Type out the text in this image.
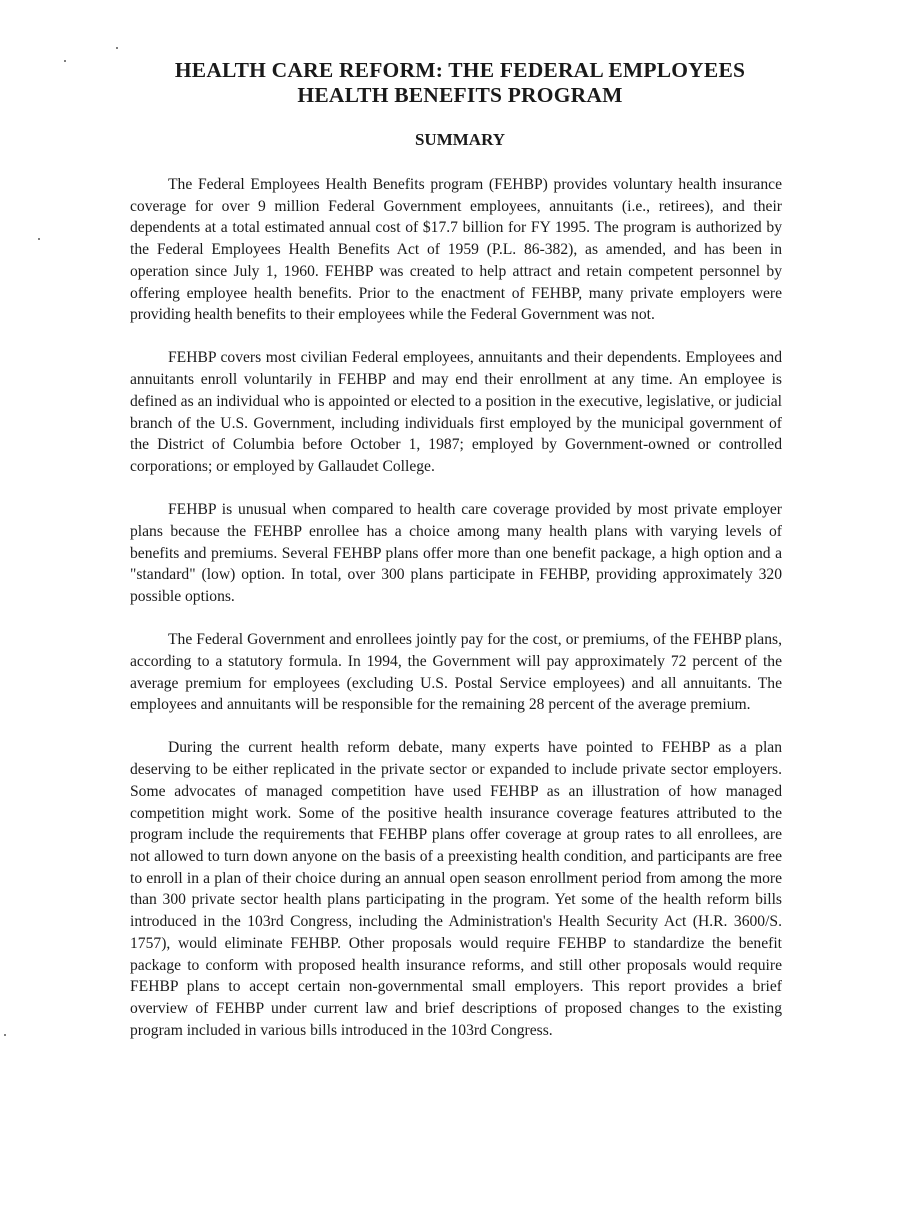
HEALTH CARE REFORM: THE FEDERAL EMPLOYEES
HEALTH BENEFITS PROGRAM
SUMMARY

The Federal Employees Health Benefits program (FEHBP) provides voluntary health insurance coverage for over 9 million Federal Government employees, annuitants (i.e., retirees), and their dependents at a total estimated annual cost of $17.7 billion for FY 1995. The program is authorized by the Federal Employees Health Benefits Act of 1959 (P.L. 86-382), as amended, and has been in operation since July 1, 1960. FEHBP was created to help attract and retain competent personnel by offering employee health benefits. Prior to the enactment of FEHBP, many private employers were providing health benefits to their employees while the Federal Government was not.

FEHBP covers most civilian Federal employees, annuitants and their dependents. Employees and annuitants enroll voluntarily in FEHBP and may end their enrollment at any time. An employee is defined as an individual who is appointed or elected to a position in the executive, legislative, or judicial branch of the U.S. Government, including individuals first employed by the municipal government of the District of Columbia before October 1, 1987; employed by Government-owned or controlled corporations; or employed by Gallaudet College.

FEHBP is unusual when compared to health care coverage provided by most private employer plans because the FEHBP enrollee has a choice among many health plans with varying levels of benefits and premiums. Several FEHBP plans offer more than one benefit package, a high option and a "standard" (low) option. In total, over 300 plans participate in FEHBP, providing approximately 320 possible options.

The Federal Government and enrollees jointly pay for the cost, or premiums, of the FEHBP plans, according to a statutory formula. In 1994, the Government will pay approximately 72 percent of the average premium for employees (excluding U.S. Postal Service employees) and all annuitants. The employees and annuitants will be responsible for the remaining 28 percent of the average premium.

During the current health reform debate, many experts have pointed to FEHBP as a plan deserving to be either replicated in the private sector or expanded to include private sector employers. Some advocates of managed competition have used FEHBP as an illustration of how managed competition might work. Some of the positive health insurance coverage features attributed to the program include the requirements that FEHBP plans offer coverage at group rates to all enrollees, are not allowed to turn down anyone on the basis of a preexisting health condition, and participants are free to enroll in a plan of their choice during an annual open season enrollment period from among the more than 300 private sector health plans participating in the program. Yet some of the health reform bills introduced in the 103rd Congress, including the Administration's Health Security Act (H.R. 3600/S. 1757), would eliminate FEHBP. Other proposals would require FEHBP to standardize the benefit package to conform with proposed health insurance reforms, and still other proposals would require FEHBP plans to accept certain non-governmental small employers. This report provides a brief overview of FEHBP under current law and brief descriptions of proposed changes to the existing program included in various bills introduced in the 103rd Congress.
